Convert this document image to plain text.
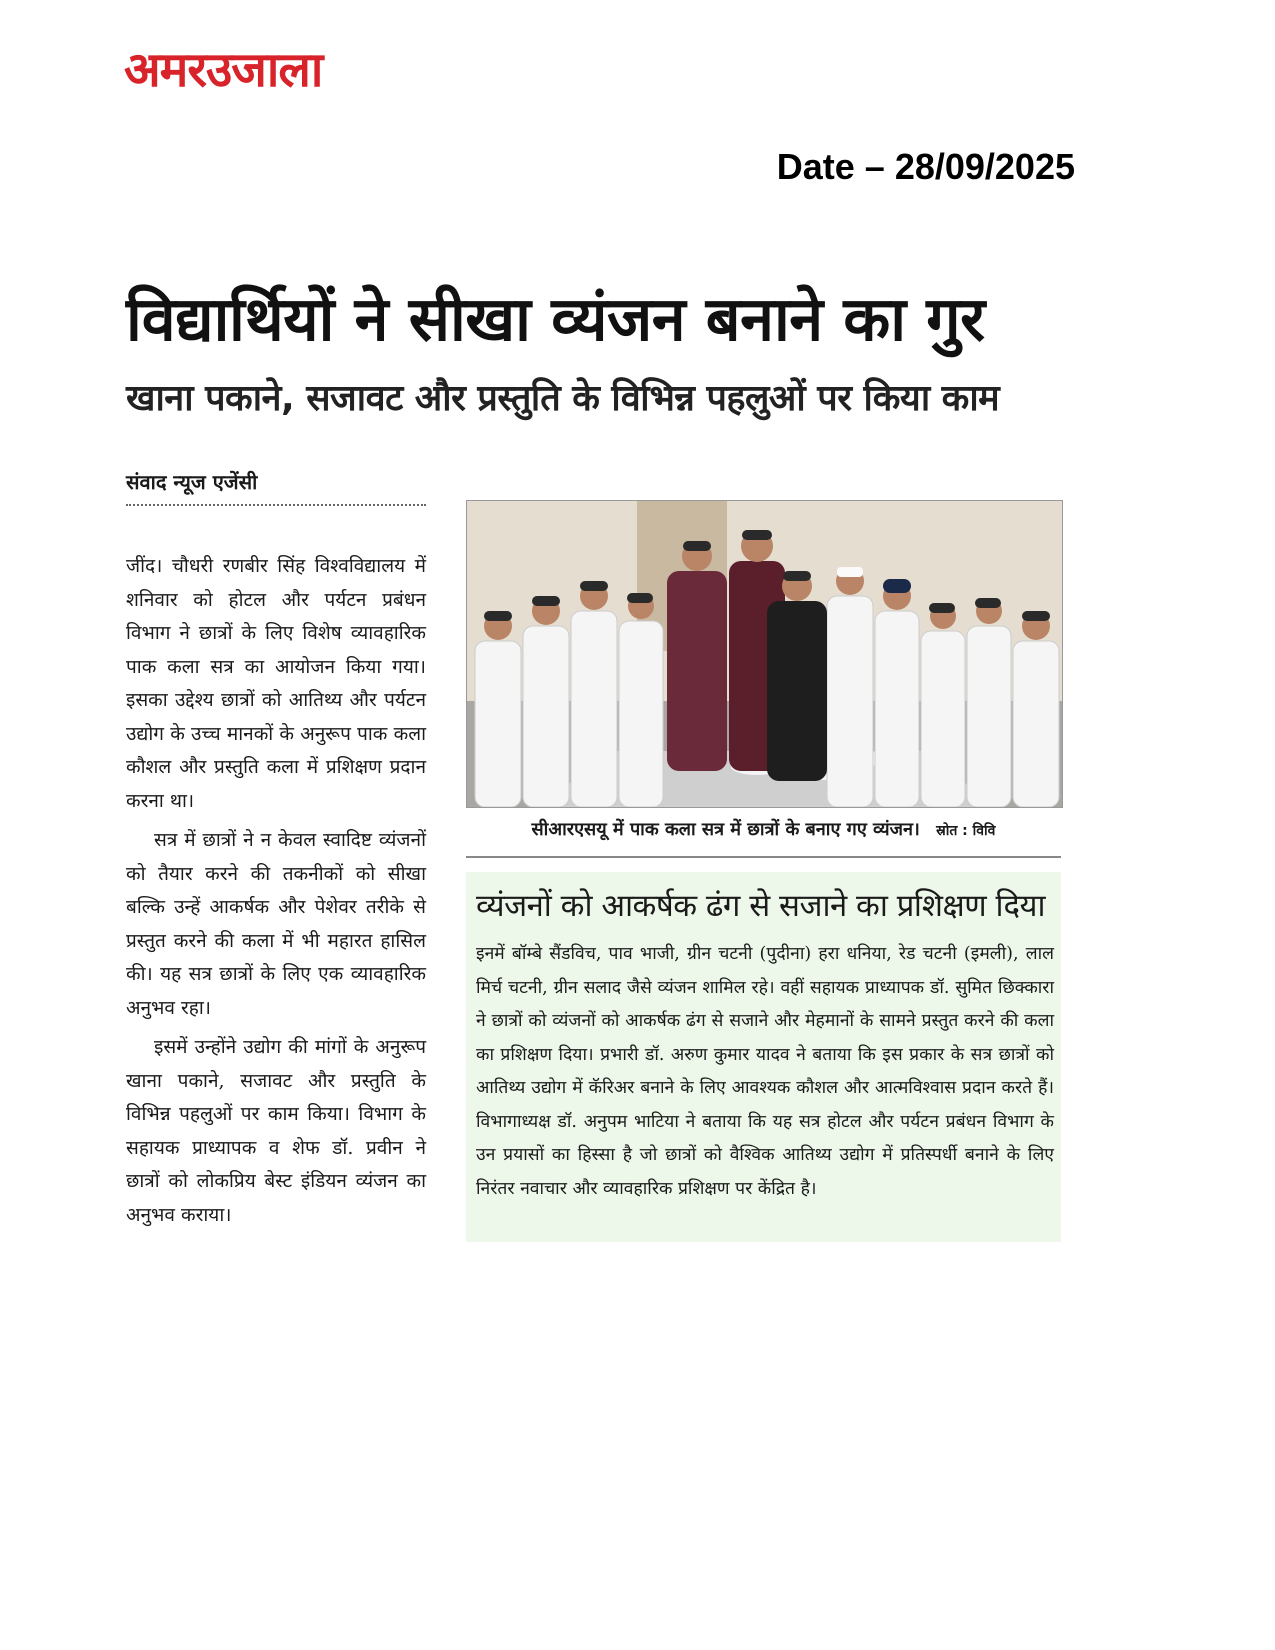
अमरउजाला
Date – 28/09/2025
विद्यार्थियों ने सीखा व्यंजन बनाने का गुर
खाना पकाने, सजावट और प्रस्तुति के विभिन्न पहलुओं पर किया काम
संवाद न्यूज एजेंसी

जींद। चौधरी रणबीर सिंह विश्वविद्यालय में शनिवार को होटल और पर्यटन प्रबंधन विभाग ने छात्रों के लिए विशेष व्यावहारिक पाक कला सत्र का आयोजन किया गया। इसका उद्देश्य छात्रों को आतिथ्य और पर्यटन उद्योग के उच्च मानकों के अनुरूप पाक कला कौशल और प्रस्तुति कला में प्रशिक्षण प्रदान करना था।

सत्र में छात्रों ने न केवल स्वादिष्ट व्यंजनों को तैयार करने की तकनीकों को सीखा बल्कि उन्हें आकर्षक और पेशेवर तरीके से प्रस्तुत करने की कला में भी महारत हासिल की। यह सत्र छात्रों के लिए एक व्यावहारिक अनुभव रहा।

इसमें उन्होंने उद्योग की मांगों के अनुरूप खाना पकाने, सजावट और प्रस्तुति के विभिन्न पहलुओं पर काम किया। विभाग के सहायक प्राध्यापक व शेफ डॉ. प्रवीन ने छात्रों को लोकप्रिय बेस्ट इंडियन व्यंजन का अनुभव कराया।

सीआरएसयू में पाक कला सत्र में छात्रों के बनाए गए व्यंजन। स्रोत : विवि
व्यंजनों को आकर्षक ढंग से सजाने का प्रशिक्षण दिया
इनमें बॉम्बे सैंडविच, पाव भाजी, ग्रीन चटनी (पुदीना) हरा धनिया, रेड चटनी (इमली), लाल मिर्च चटनी, ग्रीन सलाद जैसे व्यंजन शामिल रहे। वहीं सहायक प्राध्यापक डॉ. सुमित छिक्कारा ने छात्रों को व्यंजनों को आकर्षक ढंग से सजाने और मेहमानों के सामने प्रस्तुत करने की कला का प्रशिक्षण दिया। प्रभारी डॉ. अरुण कुमार यादव ने बताया कि इस प्रकार के सत्र छात्रों को आतिथ्य उद्योग में कॅरिअर बनाने के लिए आवश्यक कौशल और आत्मविश्वास प्रदान करते हैं। विभागाध्यक्ष डॉ. अनुपम भाटिया ने बताया कि यह सत्र होटल और पर्यटन प्रबंधन विभाग के उन प्रयासों का हिस्सा है जो छात्रों को वैश्विक आतिथ्य उद्योग में प्रतिस्पर्धी बनाने के लिए निरंतर नवाचार और व्यावहारिक प्रशिक्षण पर केंद्रित है।
